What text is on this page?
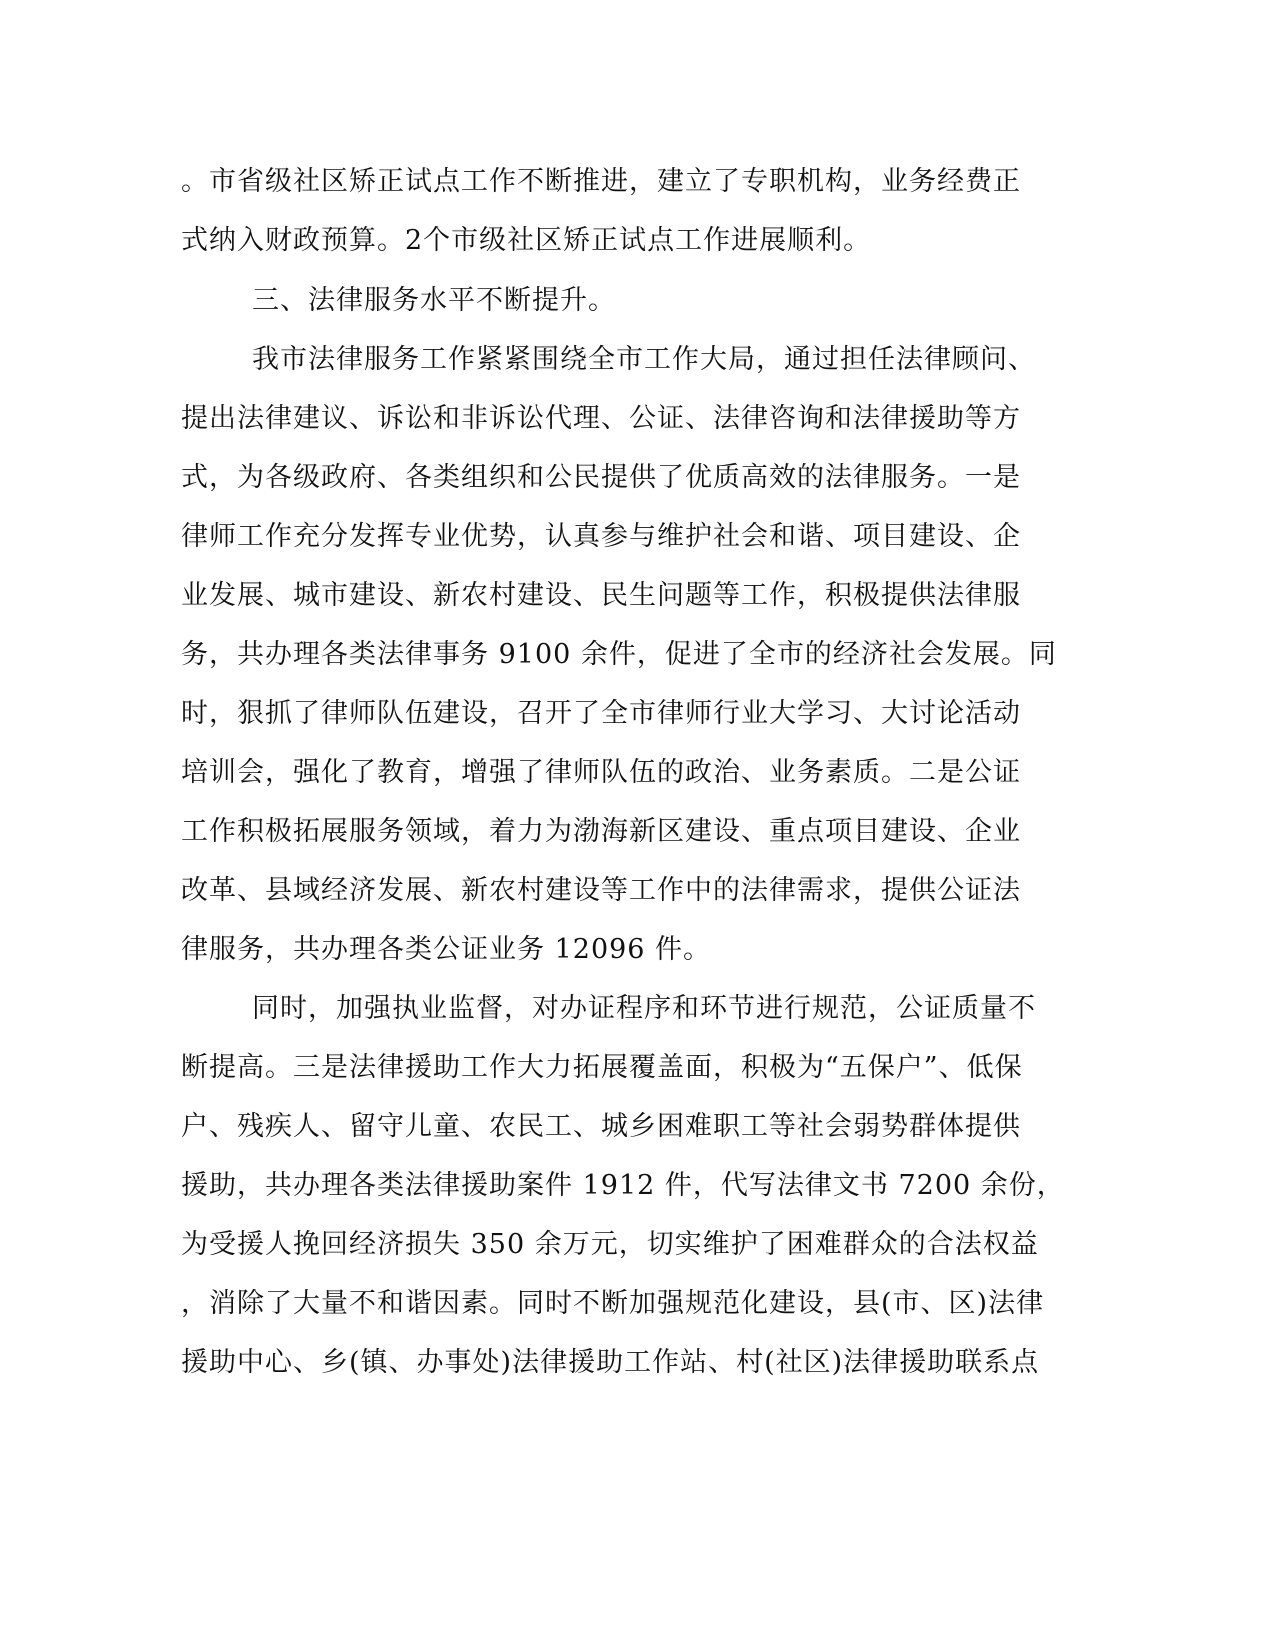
。市省级社区矫正试点工作不断推进，建立了专职机构，业务经费正

式纳入财政预算。2个市级社区矫正试点工作进展顺利。

三、法律服务水平不断提升。

我市法律服务工作紧紧围绕全市工作大局，通过担任法律顾问、

提出法律建议、诉讼和非诉讼代理、公证、法律咨询和法律援助等方

式，为各级政府、各类组织和公民提供了优质高效的法律服务。一是

律师工作充分发挥专业优势，认真参与维护社会和谐、项目建设、企

业发展、城市建设、新农村建设、民生问题等工作，积极提供法律服

务，共办理各类法律事务 9100 余件，促进了全市的经济社会发展。同

时，狠抓了律师队伍建设，召开了全市律师行业大学习、大讨论活动

培训会，强化了教育，增强了律师队伍的政治、业务素质。二是公证

工作积极拓展服务领域，着力为渤海新区建设、重点项目建设、企业

改革、县域经济发展、新农村建设等工作中的法律需求，提供公证法

律服务，共办理各类公证业务 12096 件。

同时，加强执业监督，对办证程序和环节进行规范，公证质量不

断提高。三是法律援助工作大力拓展覆盖面，积极为“五保户”、低保

户、残疾人、留守儿童、农民工、城乡困难职工等社会弱势群体提供

援助，共办理各类法律援助案件 1912 件，代写法律文书 7200 余份，

为受援人挽回经济损失 350 余万元，切实维护了困难群众的合法权益

，消除了大量不和谐因素。同时不断加强规范化建设，县(市、区)法律

援助中心、乡(镇、办事处)法律援助工作站、村(社区)法律援助联系点
